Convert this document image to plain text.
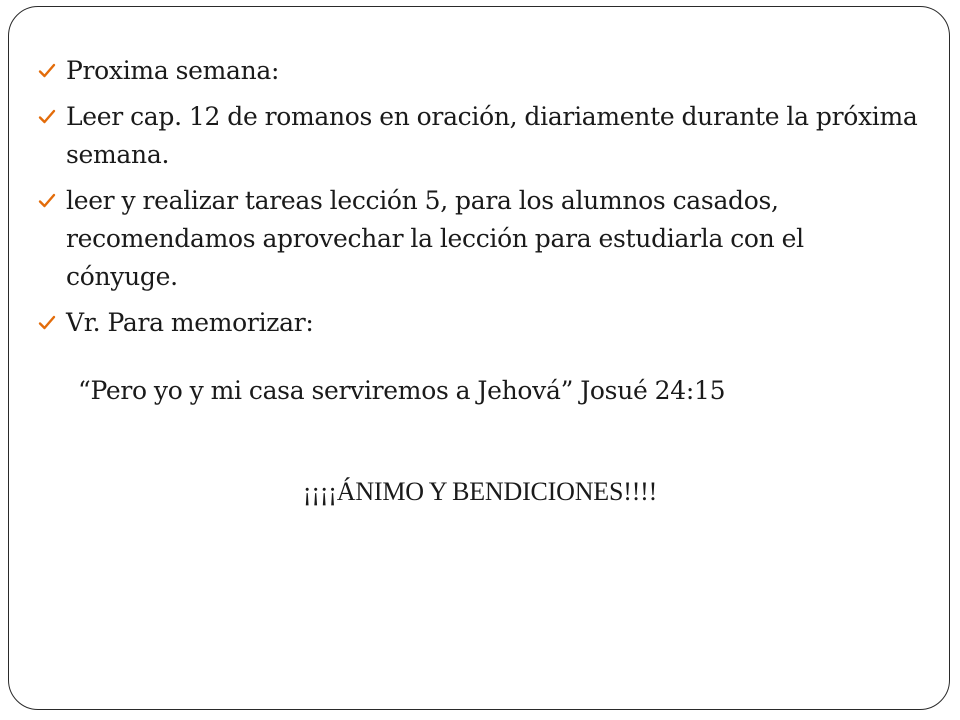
Proxima semana:
Leer cap. 12 de romanos en oración, diariamente durante la próxima semana.
leer y realizar tareas lección 5, para los alumnos casados, recomendamos aprovechar la lección para estudiarla con el cónyuge.
Vr. Para memorizar:
“Pero yo y mi casa serviremos a Jehová” Josué 24:15
¡¡¡¡ÁNIMO Y BENDICIONES!!!!
